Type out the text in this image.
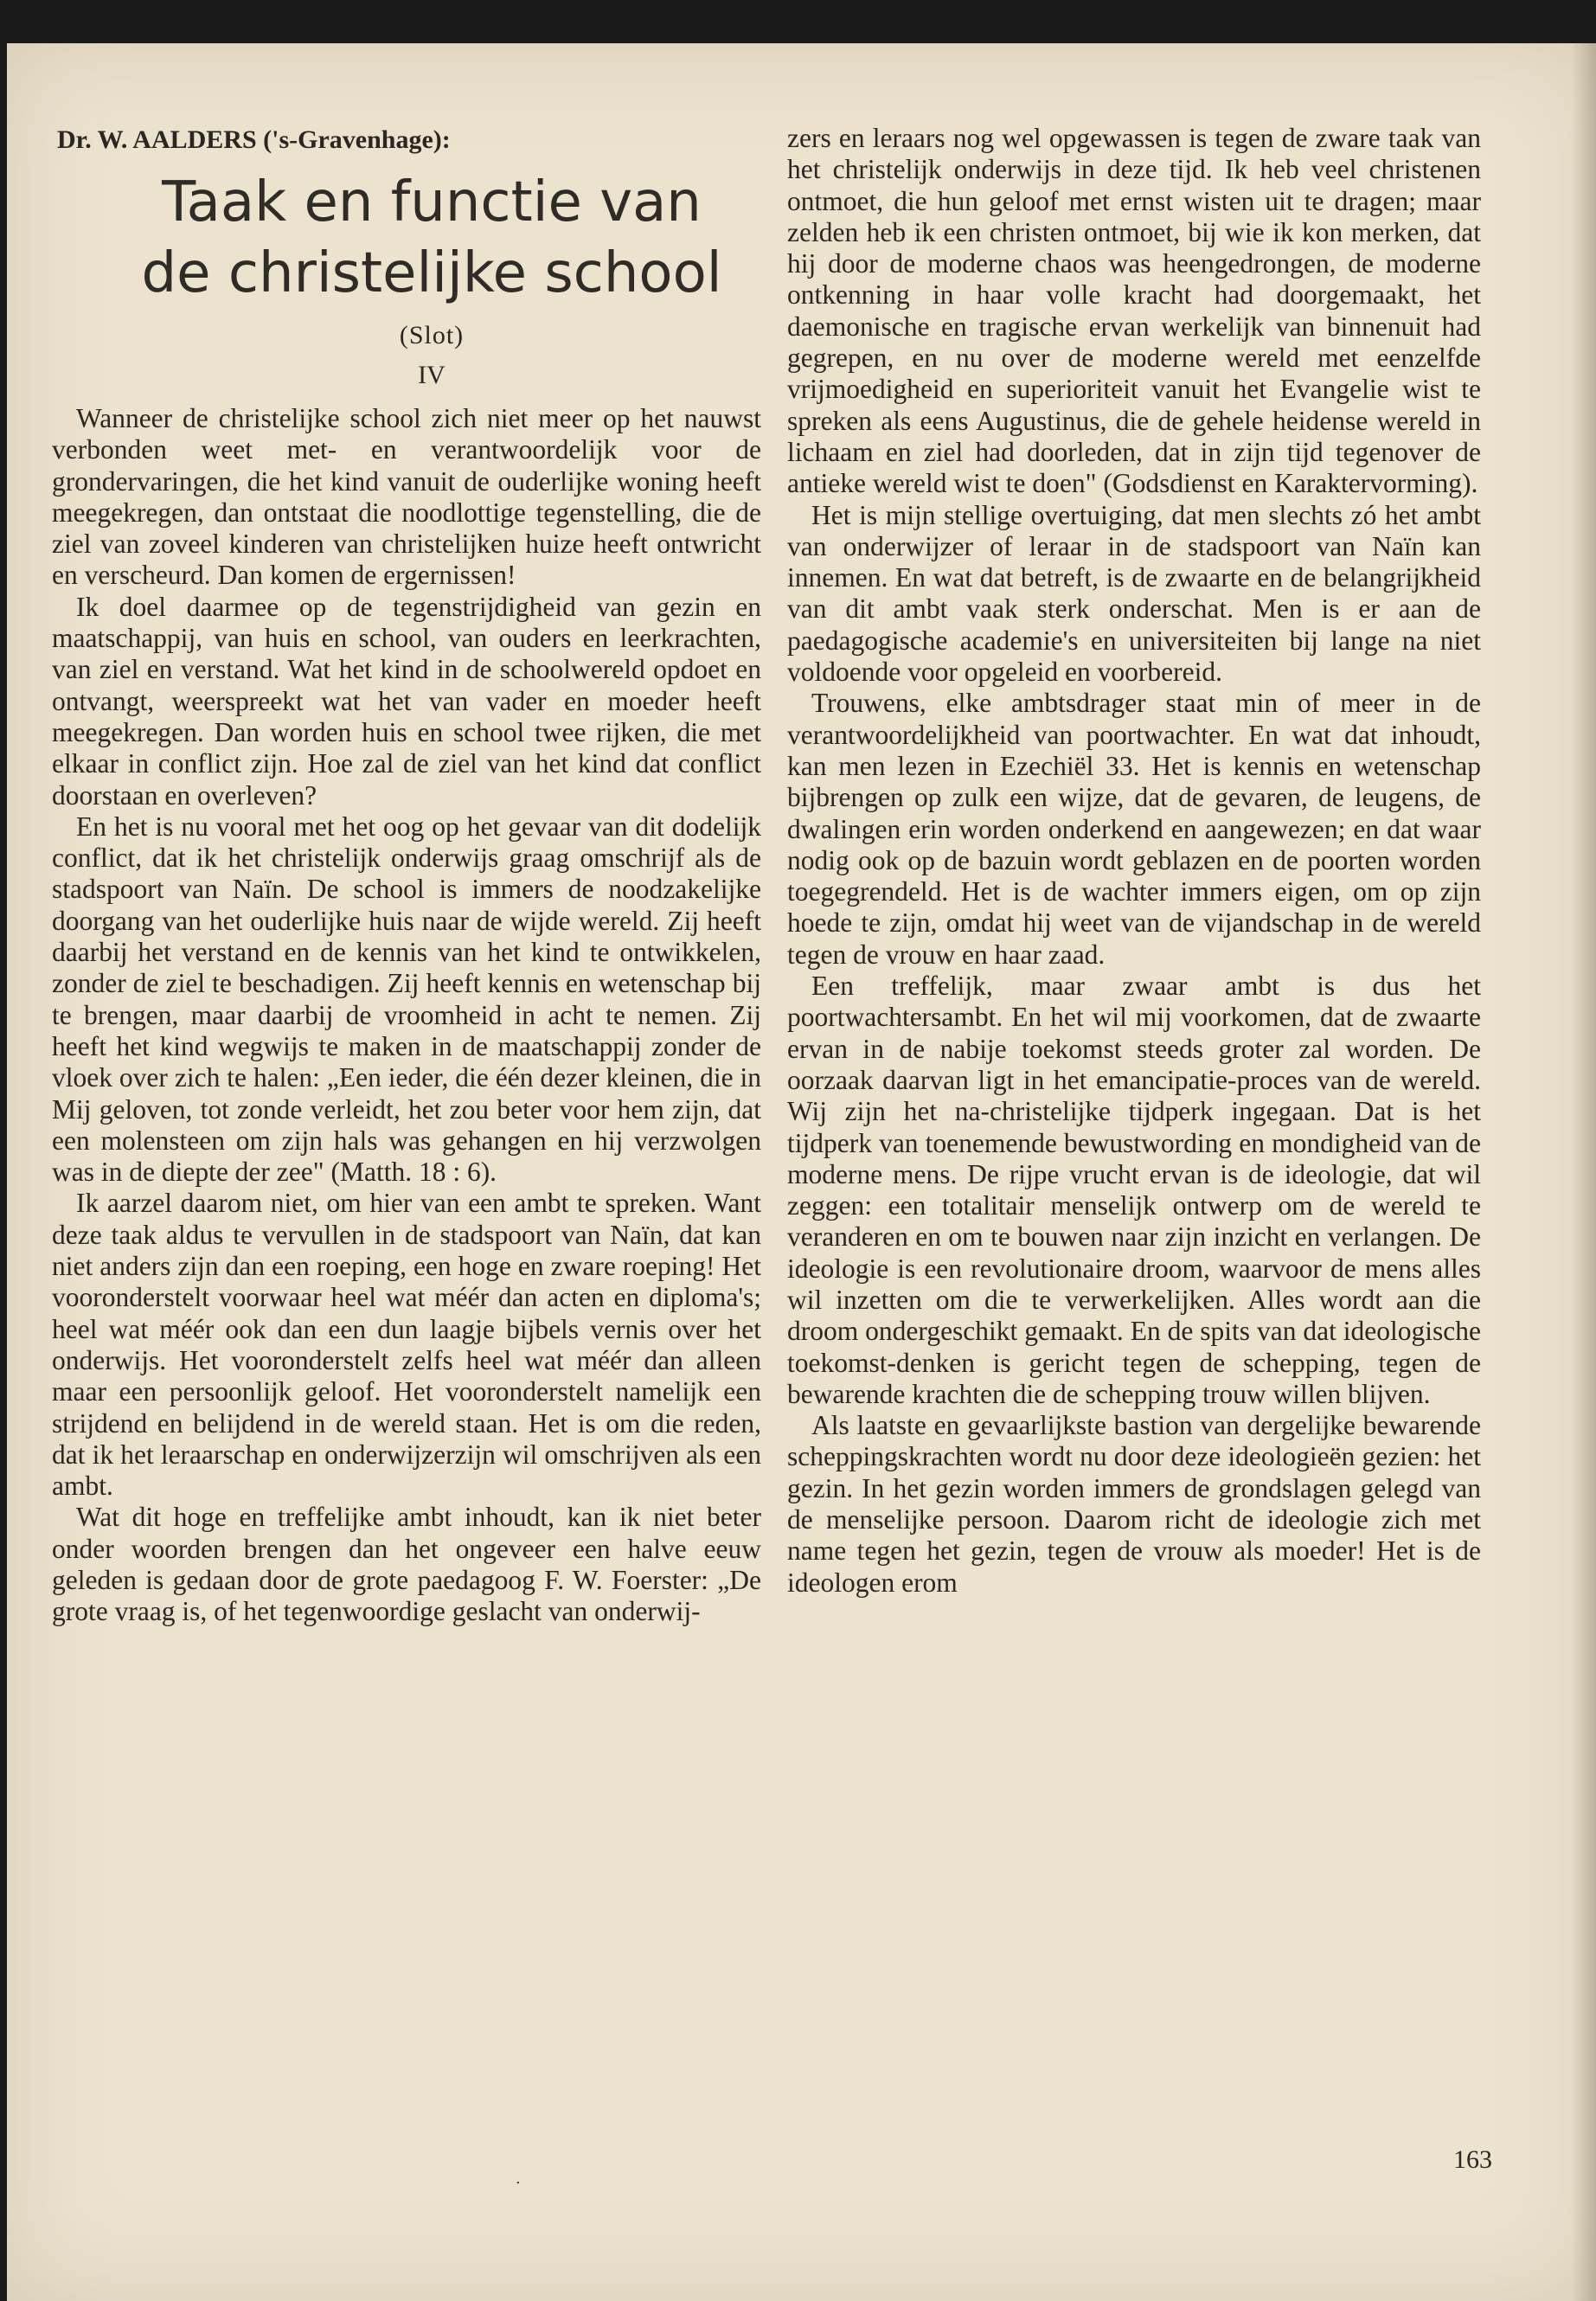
Dr. W. AALDERS ('s-Gravenhage):
Taak en functie van
de christelijke school
(Slot)
IV

Wanneer de christelijke school zich niet meer op het nauwst verbonden weet met- en verantwoordelijk voor de grondervaringen, die het kind vanuit de ouderlijke woning heeft meegekregen, dan ontstaat die noodlottige tegenstelling, die de ziel van zoveel kinderen van christelijken huize heeft ontwricht en verscheurd. Dan komen de ergernissen!

Ik doel daarmee op de tegenstrijdigheid van gezin en maatschappij, van huis en school, van ouders en leerkrachten, van ziel en verstand. Wat het kind in de schoolwereld opdoet en ontvangt, weerspreekt wat het van vader en moeder heeft meegekregen. Dan worden huis en school twee rijken, die met elkaar in conflict zijn. Hoe zal de ziel van het kind dat conflict doorstaan en overleven?

En het is nu vooral met het oog op het gevaar van dit dodelijk conflict, dat ik het christelijk onderwijs graag omschrijf als de stadspoort van Naïn. De school is immers de noodzakelijke doorgang van het ouderlijke huis naar de wijde wereld. Zij heeft daarbij het verstand en de kennis van het kind te ontwikkelen, zonder de ziel te beschadigen. Zij heeft kennis en wetenschap bij te brengen, maar daarbij de vroomheid in acht te nemen. Zij heeft het kind wegwijs te maken in de maatschappij zonder de vloek over zich te halen: „Een ieder, die één dezer kleinen, die in Mij geloven, tot zonde verleidt, het zou beter voor hem zijn, dat een molensteen om zijn hals was gehangen en hij verzwolgen was in de diepte der zee" (Matth. 18 : 6).

Ik aarzel daarom niet, om hier van een ambt te spreken. Want deze taak aldus te vervullen in de stadspoort van Naïn, dat kan niet anders zijn dan een roeping, een hoge en zware roeping! Het vooronderstelt voorwaar heel wat méér dan acten en diploma's; heel wat méér ook dan een dun laagje bijbels vernis over het onderwijs. Het vooronderstelt zelfs heel wat méér dan alleen maar een persoonlijk geloof. Het vooronderstelt namelijk een strijdend en belijdend in de wereld staan. Het is om die reden, dat ik het leraarschap en onderwijzerzijn wil omschrijven als een ambt.

Wat dit hoge en treffelijke ambt inhoudt, kan ik niet beter onder woorden brengen dan het ongeveer een halve eeuw geleden is gedaan door de grote paedagoog F. W. Foerster: „De grote vraag is, of het tegenwoordige geslacht van onderwij-

zers en leraars nog wel opgewassen is tegen de zware taak van het christelijk onderwijs in deze tijd. Ik heb veel christenen ontmoet, die hun geloof met ernst wisten uit te dragen; maar zelden heb ik een christen ontmoet, bij wie ik kon merken, dat hij door de moderne chaos was heengedrongen, de moderne ontkenning in haar volle kracht had doorgemaakt, het daemonische en tragische ervan werkelijk van binnenuit had gegrepen, en nu over de moderne wereld met eenzelfde vrijmoedigheid en superioriteit vanuit het Evangelie wist te spreken als eens Augustinus, die de gehele heidense wereld in lichaam en ziel had doorleden, dat in zijn tijd tegenover de antieke wereld wist te doen" (Godsdienst en Karaktervorming).

Het is mijn stellige overtuiging, dat men slechts zó het ambt van onderwijzer of leraar in de stadspoort van Naïn kan innemen. En wat dat betreft, is de zwaarte en de belangrijkheid van dit ambt vaak sterk onderschat. Men is er aan de paedagogische academie's en universiteiten bij lange na niet voldoende voor opgeleid en voorbereid.

Trouwens, elke ambtsdrager staat min of meer in de verantwoordelijkheid van poortwachter. En wat dat inhoudt, kan men lezen in Ezechiël 33. Het is kennis en wetenschap bijbrengen op zulk een wijze, dat de gevaren, de leugens, de dwalingen erin worden onderkend en aangewezen; en dat waar nodig ook op de bazuin wordt geblazen en de poorten worden toegegrendeld. Het is de wachter immers eigen, om op zijn hoede te zijn, omdat hij weet van de vijandschap in de wereld tegen de vrouw en haar zaad.

Een treffelijk, maar zwaar ambt is dus het poortwachtersambt. En het wil mij voorkomen, dat de zwaarte ervan in de nabije toekomst steeds groter zal worden. De oorzaak daarvan ligt in het emancipatie-proces van de wereld. Wij zijn het na-christelijke tijdperk ingegaan. Dat is het tijdperk van toenemende bewustwording en mondigheid van de moderne mens. De rijpe vrucht ervan is de ideologie, dat wil zeggen: een totalitair menselijk ontwerp om de wereld te veranderen en om te bouwen naar zijn inzicht en verlangen. De ideologie is een revolutionaire droom, waarvoor de mens alles wil inzetten om die te verwerkelijken. Alles wordt aan die droom ondergeschikt gemaakt. En de spits van dat ideologische toekomst-denken is gericht tegen de schepping, tegen de bewarende krachten die de schepping trouw willen blijven.

Als laatste en gevaarlijkste bastion van dergelijke bewarende scheppingskrachten wordt nu door deze ideologieën gezien: het gezin. In het gezin worden immers de grondslagen gelegd van de menselijke persoon. Daarom richt de ideologie zich met name tegen het gezin, tegen de vrouw als moeder! Het is de ideologen erom

.
163
